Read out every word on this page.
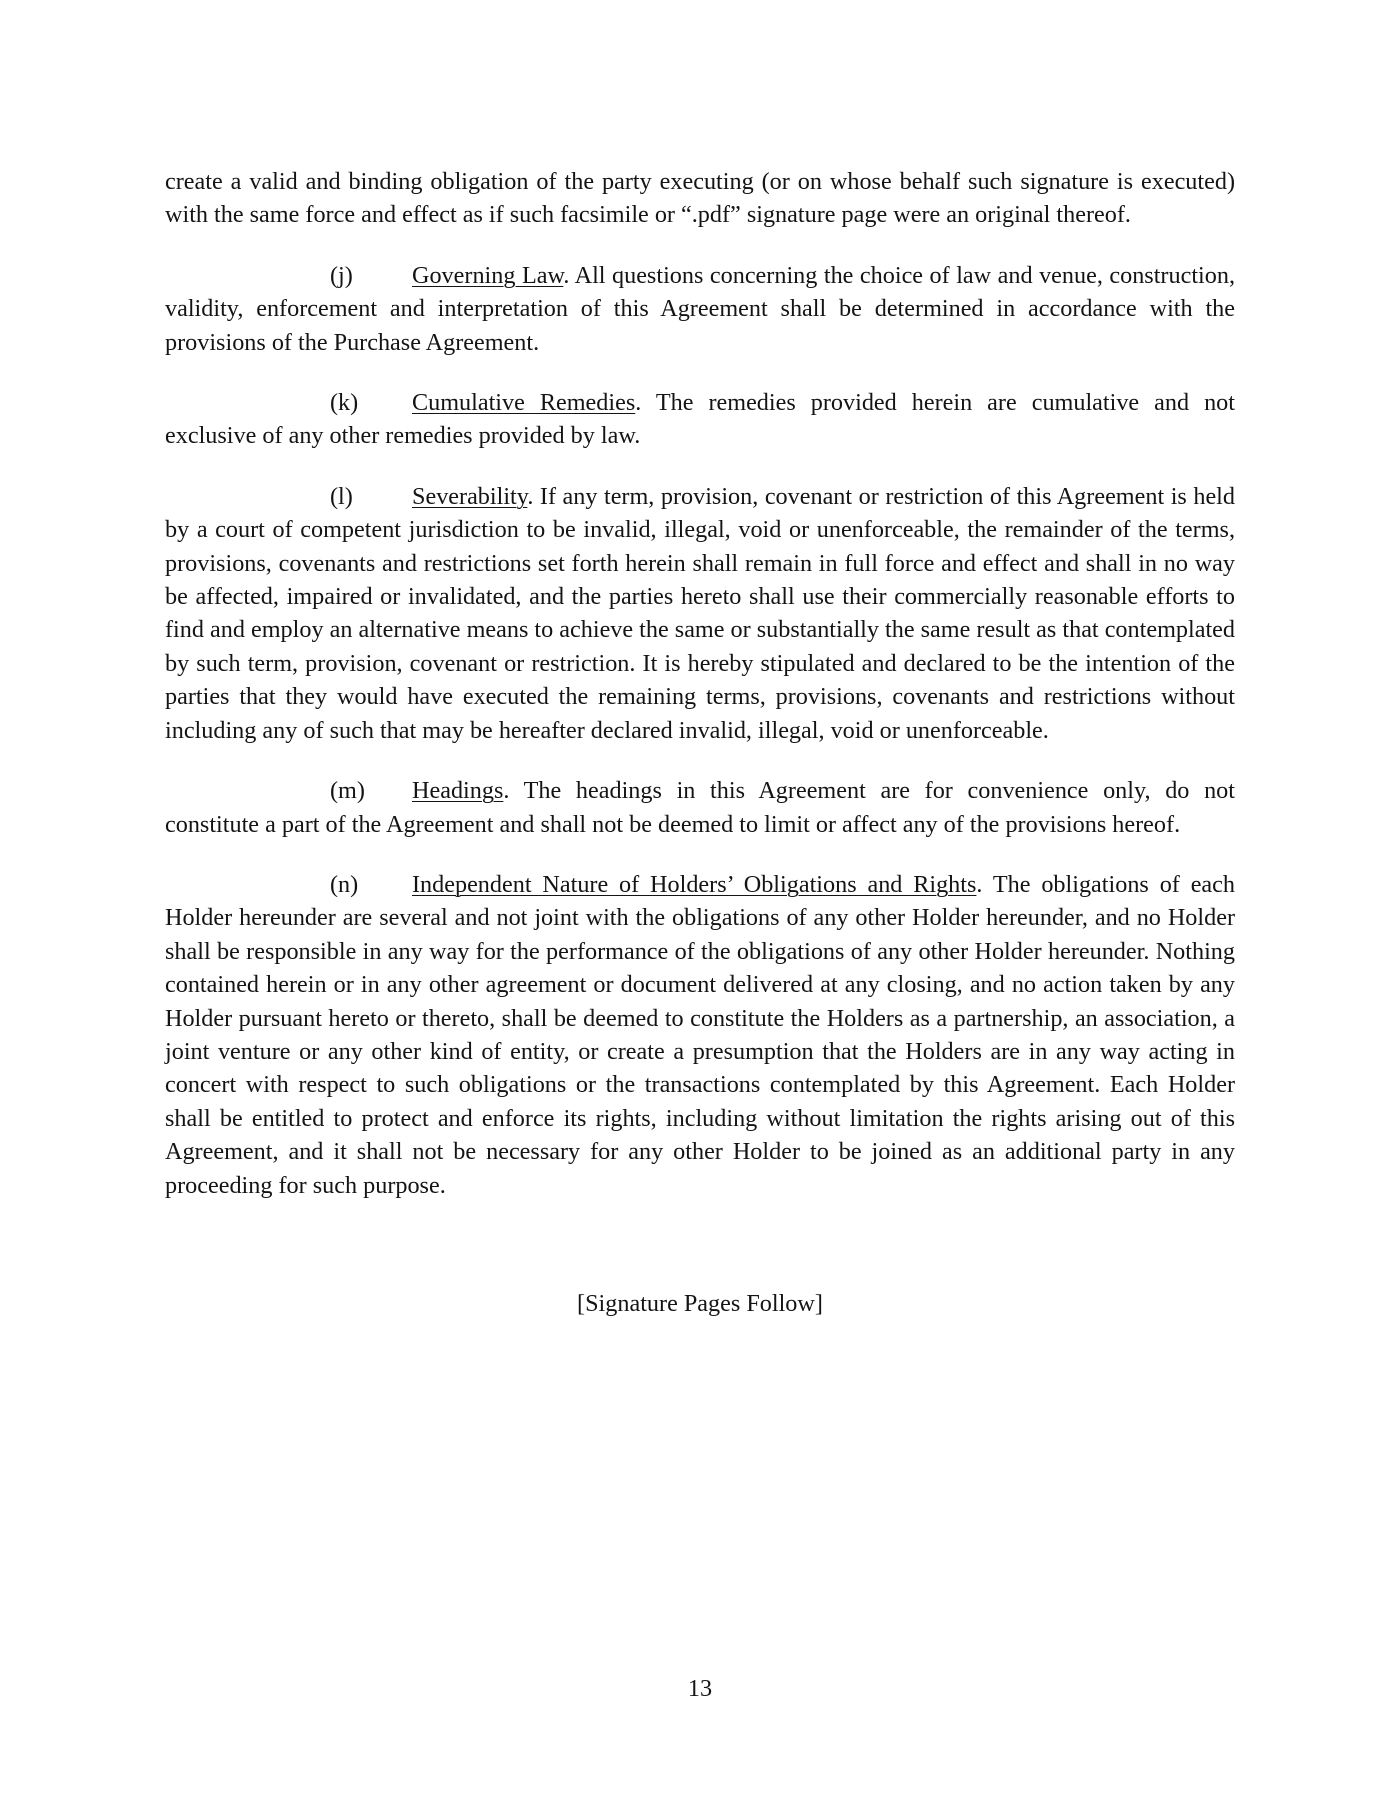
create a valid and binding obligation of the party executing (or on whose behalf such signature is executed) with the same force and effect as if such facsimile or “.pdf” signature page were an original thereof.

(j) Governing Law. All questions concerning the choice of law and venue, construction, validity, enforcement and interpretation of this Agreement shall be determined in accordance with the provisions of the Purchase Agreement.

(k) Cumulative Remedies. The remedies provided herein are cumulative and not exclusive of any other remedies provided by law.

(l) Severability. If any term, provision, covenant or restriction of this Agreement is held by a court of competent jurisdiction to be invalid, illegal, void or unenforceable, the remainder of the terms, provisions, covenants and restrictions set forth herein shall remain in full force and effect and shall in no way be affected, impaired or invalidated, and the parties hereto shall use their commercially reasonable efforts to find and employ an alternative means to achieve the same or substantially the same result as that contemplated by such term, provision, covenant or restriction. It is hereby stipulated and declared to be the intention of the parties that they would have executed the remaining terms, provisions, covenants and restrictions without including any of such that may be hereafter declared invalid, illegal, void or unenforceable.

(m) Headings. The headings in this Agreement are for convenience only, do not constitute a part of the Agreement and shall not be deemed to limit or affect any of the provisions hereof.

(n) Independent Nature of Holders’ Obligations and Rights. The obligations of each Holder hereunder are several and not joint with the obligations of any other Holder hereunder, and no Holder shall be responsible in any way for the performance of the obligations of any other Holder hereunder. Nothing contained herein or in any other agreement or document delivered at any closing, and no action taken by any Holder pursuant hereto or thereto, shall be deemed to constitute the Holders as a partnership, an association, a joint venture or any other kind of entity, or create a presumption that the Holders are in any way acting in concert with respect to such obligations or the transactions contemplated by this Agreement. Each Holder shall be entitled to protect and enforce its rights, including without limitation the rights arising out of this Agreement, and it shall not be necessary for any other Holder to be joined as an additional party in any proceeding for such purpose.

[Signature Pages Follow]
13
